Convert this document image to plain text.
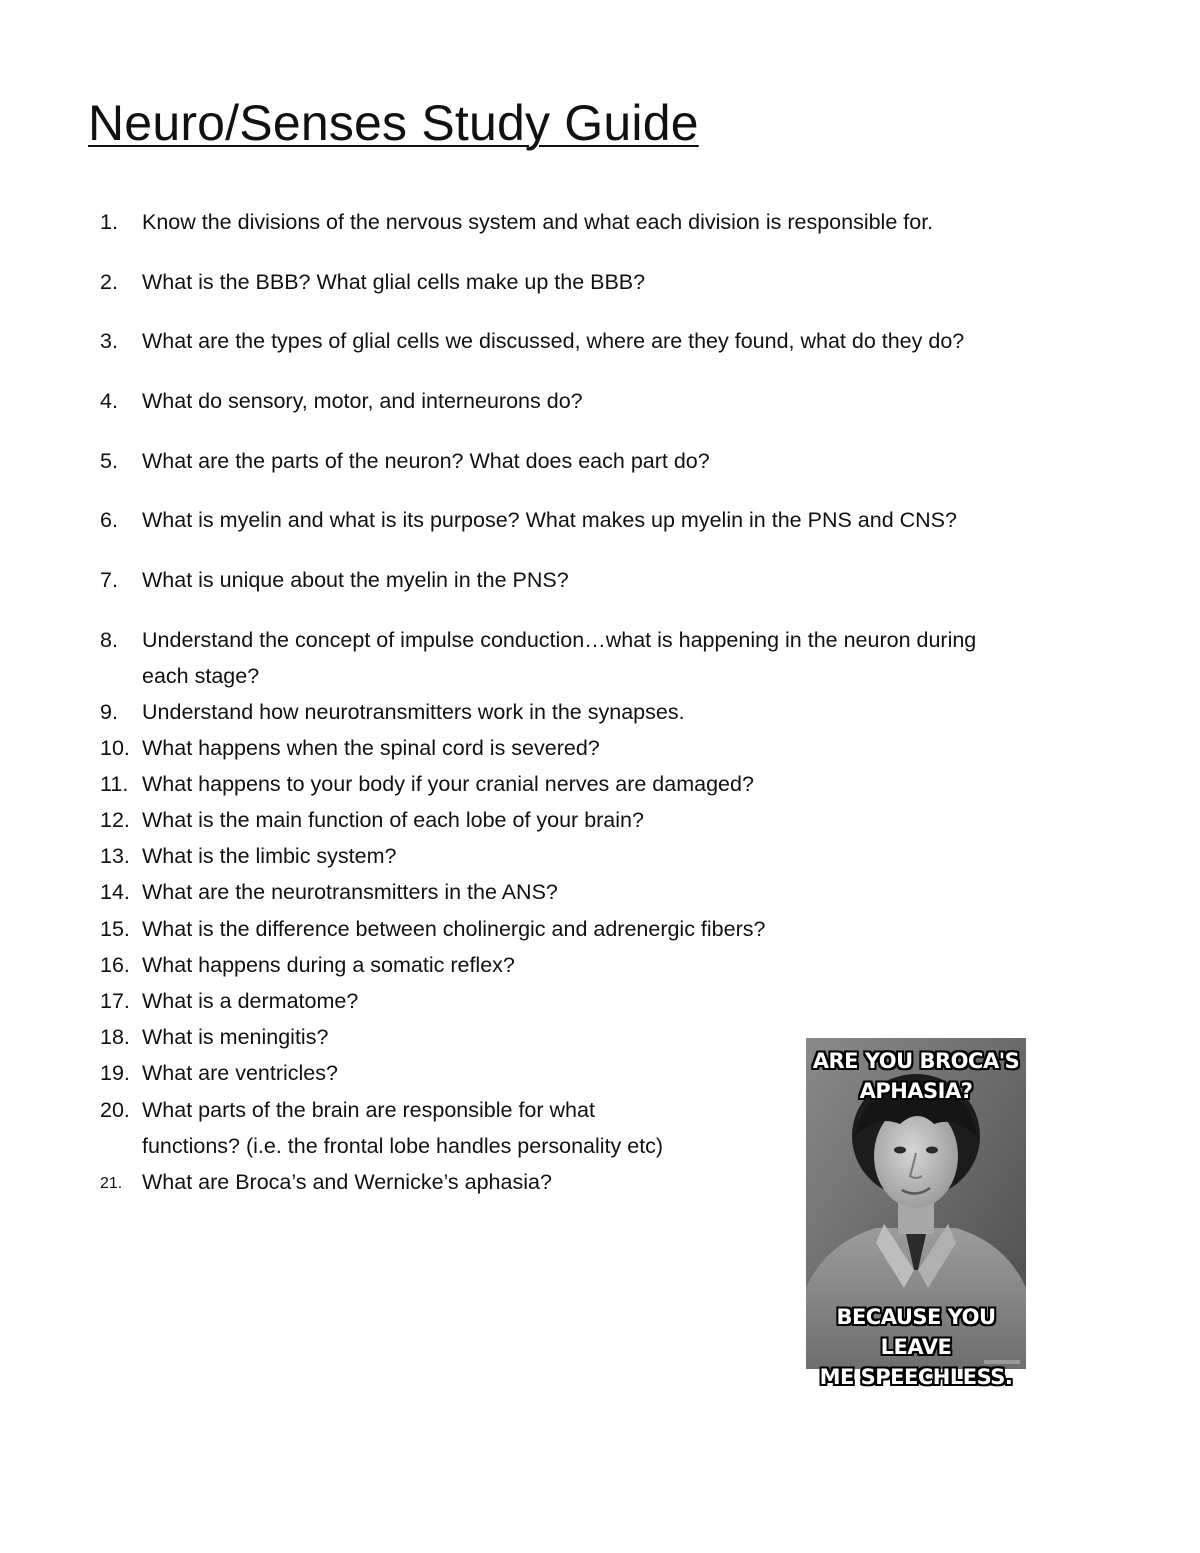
Neuro/Senses Study Guide
1. Know the divisions of the nervous system and what each division is responsible for.
2. What is the BBB? What glial cells make up the BBB?
3. What are the types of glial cells we discussed, where are they found, what do they do?
4. What do sensory, motor, and interneurons do?
5. What are the parts of the neuron? What does each part do?
6. What is myelin and what is its purpose? What makes up myelin in the PNS and CNS?
7. What is unique about the myelin in the PNS?
8. Understand the concept of impulse conduction…what is happening in the neuron during
each stage?
9. Understand how neurotransmitters work in the synapses.
10. What happens when the spinal cord is severed?
11. What happens to your body if your cranial nerves are damaged?
12. What is the main function of each lobe of your brain?
13. What is the limbic system?
14. What are the neurotransmitters in the ANS?
15. What is the difference between cholinergic and adrenergic fibers?
16. What happens during a somatic reflex?
17. What is a dermatome?
18. What is meningitis?
19. What are ventricles?
20. What parts of the brain are responsible for what
functions? (i.e. the frontal lobe handles personality etc)
21. What are Broca’s and Wernicke’s aphasia?
ARE YOU BROCA'S
APHASIA?
BECAUSE YOU LEAVE
ME SPEECHLESS.
